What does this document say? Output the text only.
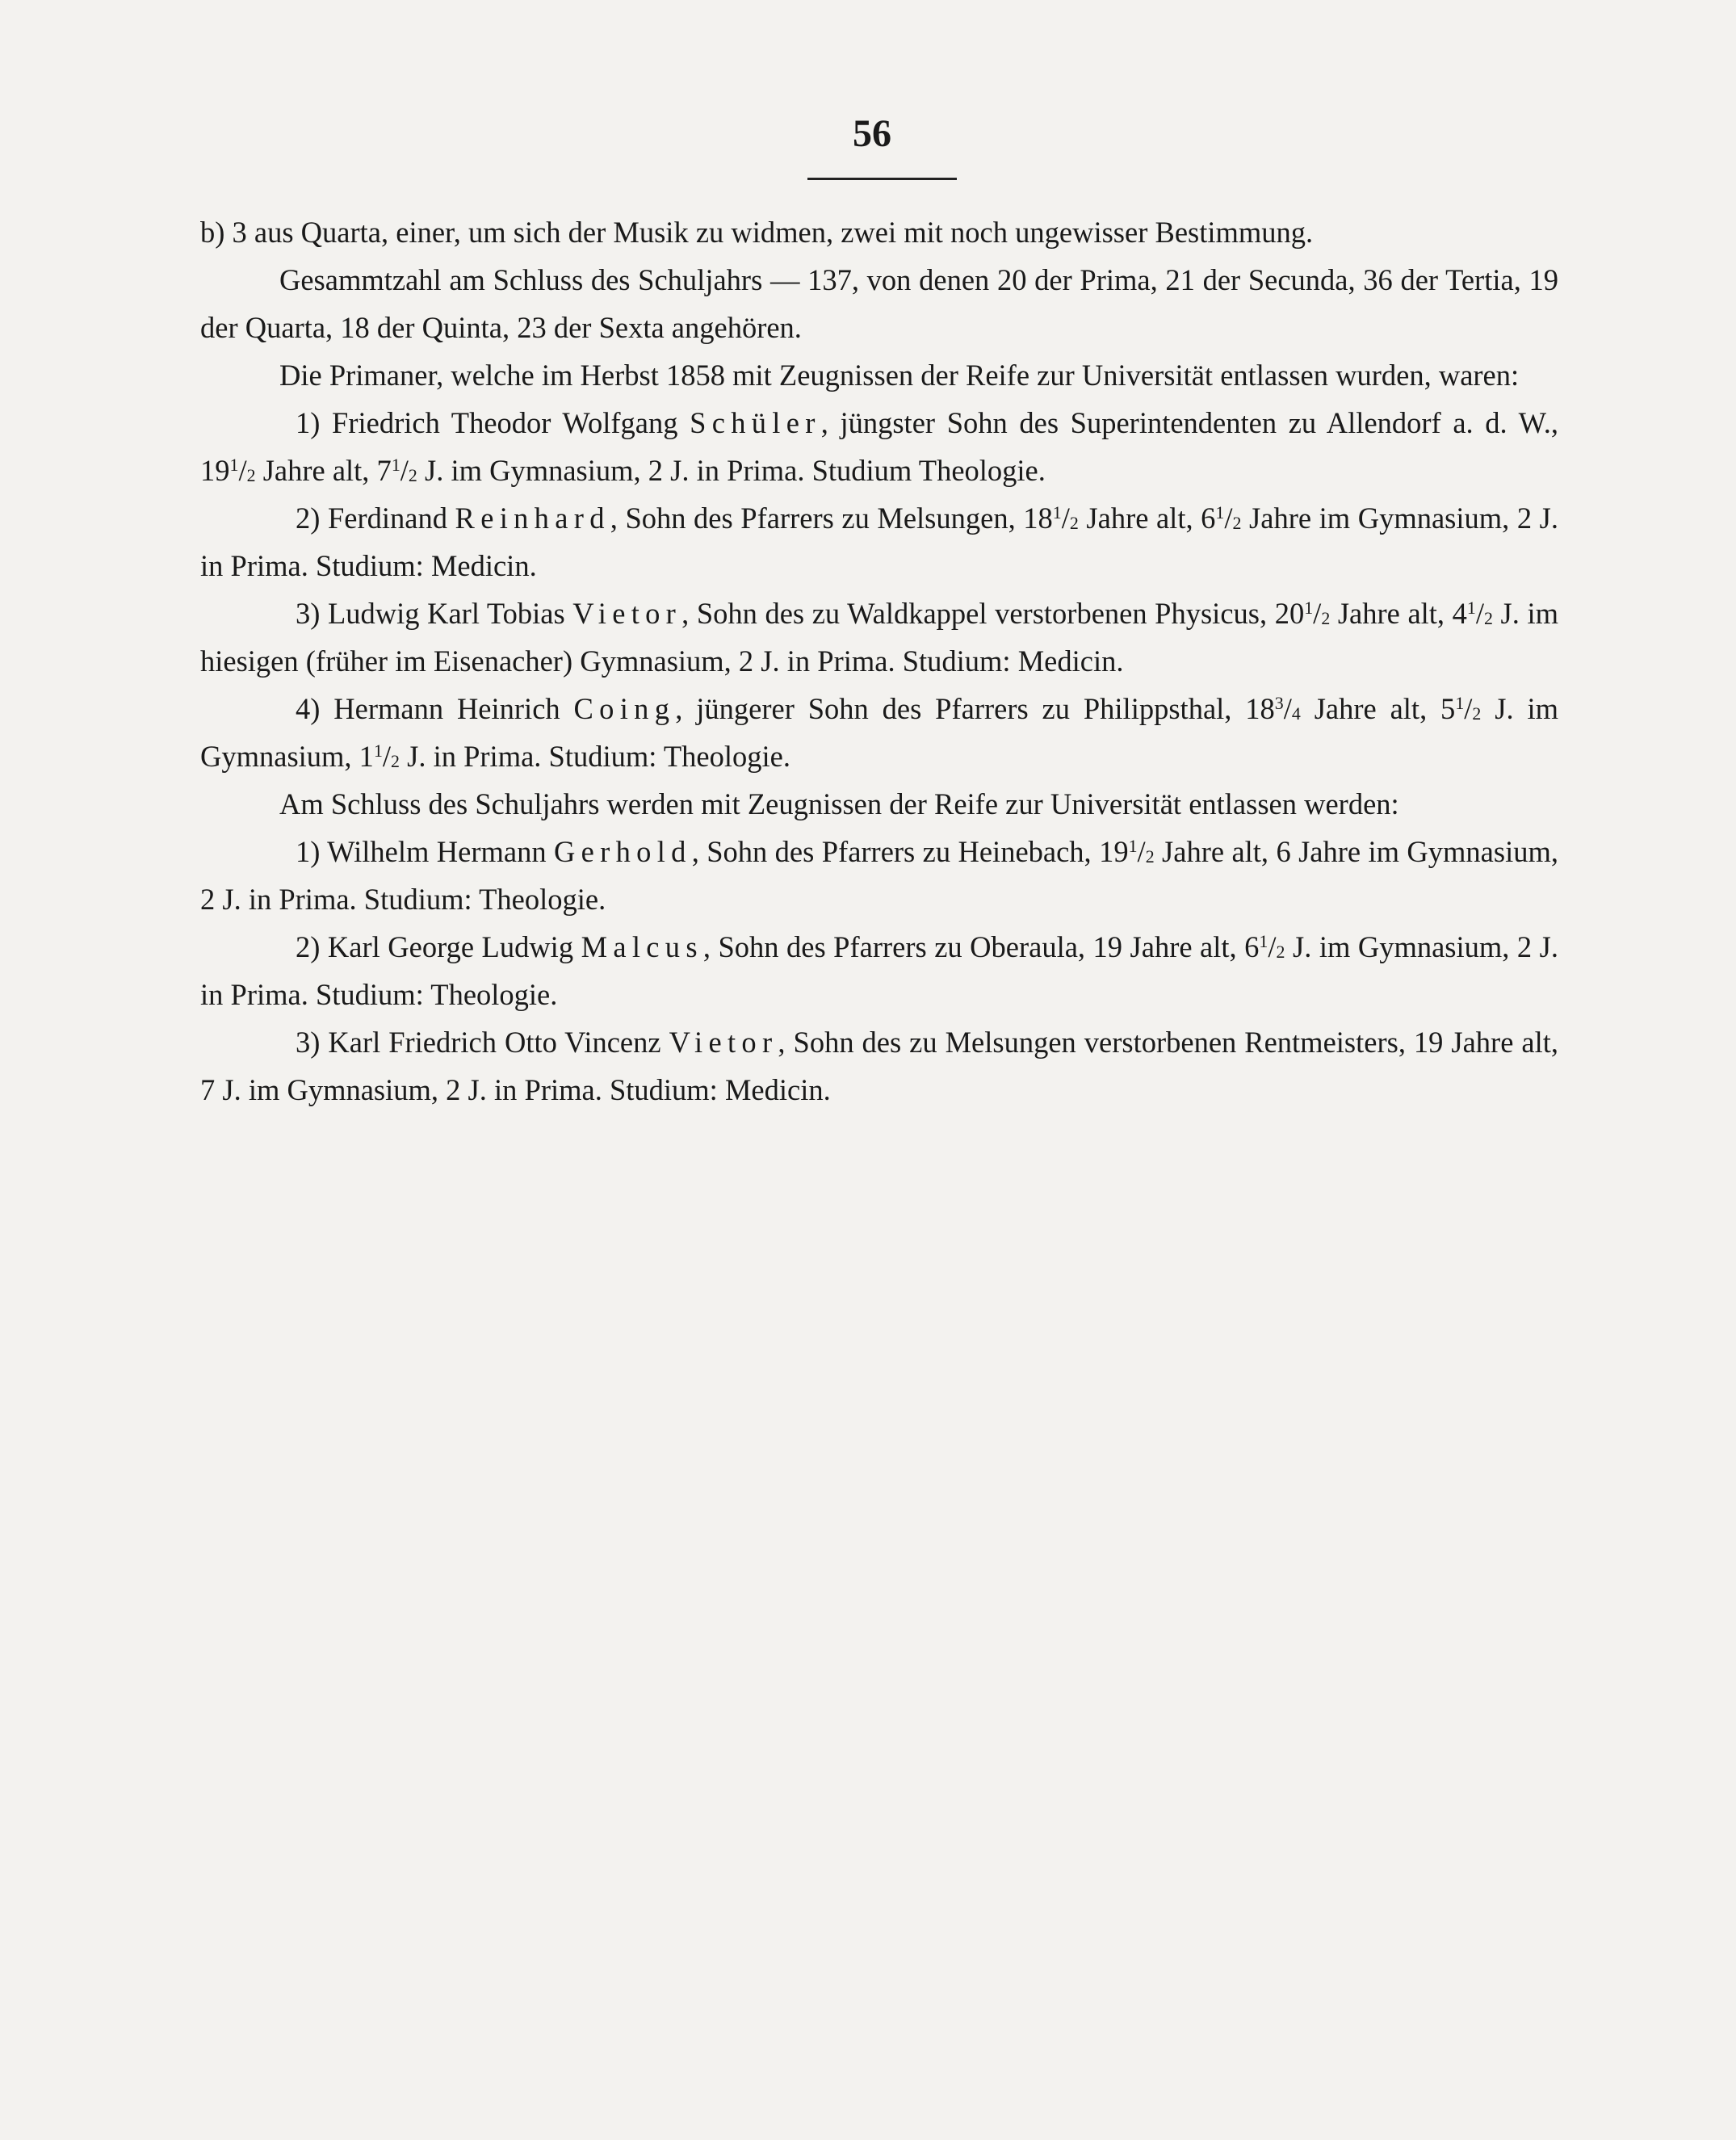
56

b) 3 aus Quarta, einer, um sich der Musik zu widmen, zwei mit noch ungewisser Bestimmung.

Gesammtzahl am Schluss des Schuljahrs — 137, von denen 20 der Prima, 21 der Secunda, 36 der Tertia, 19 der Quarta, 18 der Quinta, 23 der Sexta angehören.

Die Primaner, welche im Herbst 1858 mit Zeugnissen der Reife zur Universität entlassen wurden, waren:

1) Friedrich Theodor Wolfgang Schüler, jüngster Sohn des Superintendenten zu Allendorf a. d. W., $19^1/_2$ Jahre alt, $7^1/_2$ J. im Gymnasium, 2 J. in Prima. Studium Theologie.

2) Ferdinand Reinhard, Sohn des Pfarrers zu Melsungen, $18^1/_2$ Jahre alt, $6^1/_2$ Jahre im Gymnasium, 2 J. in Prima. Studium: Medicin.

3) Ludwig Karl Tobias Vietor, Sohn des zu Waldkappel verstorbenen Physicus, $20^1/_2$ Jahre alt, $4^1/_2$ J. im hiesigen (früher im Eisenacher) Gymnasium, 2 J. in Prima. Studium: Medicin.

4) Hermann Heinrich Coing, jüngerer Sohn des Pfarrers zu Philippsthal, $18^3/_4$ Jahre alt, $5^1/_2$ J. im Gymnasium, $1^1/_2$ J. in Prima. Studium: Theologie.

Am Schluss des Schuljahrs werden mit Zeugnissen der Reife zur Universität entlassen werden:

1) Wilhelm Hermann Gerhold, Sohn des Pfarrers zu Heinebach, $19^1/_2$ Jahre alt, 6 Jahre im Gymnasium, 2 J. in Prima. Studium: Theologie.

2) Karl George Ludwig Malcus, Sohn des Pfarrers zu Oberaula, 19 Jahre alt, $6^1/_2$ J. im Gymnasium, 2 J. in Prima. Studium: Theologie.

3) Karl Friedrich Otto Vincenz Vietor, Sohn des zu Melsungen verstorbenen Rentmeisters, 19 Jahre alt, 7 J. im Gymnasium, 2 J. in Prima. Studium: Medicin.
